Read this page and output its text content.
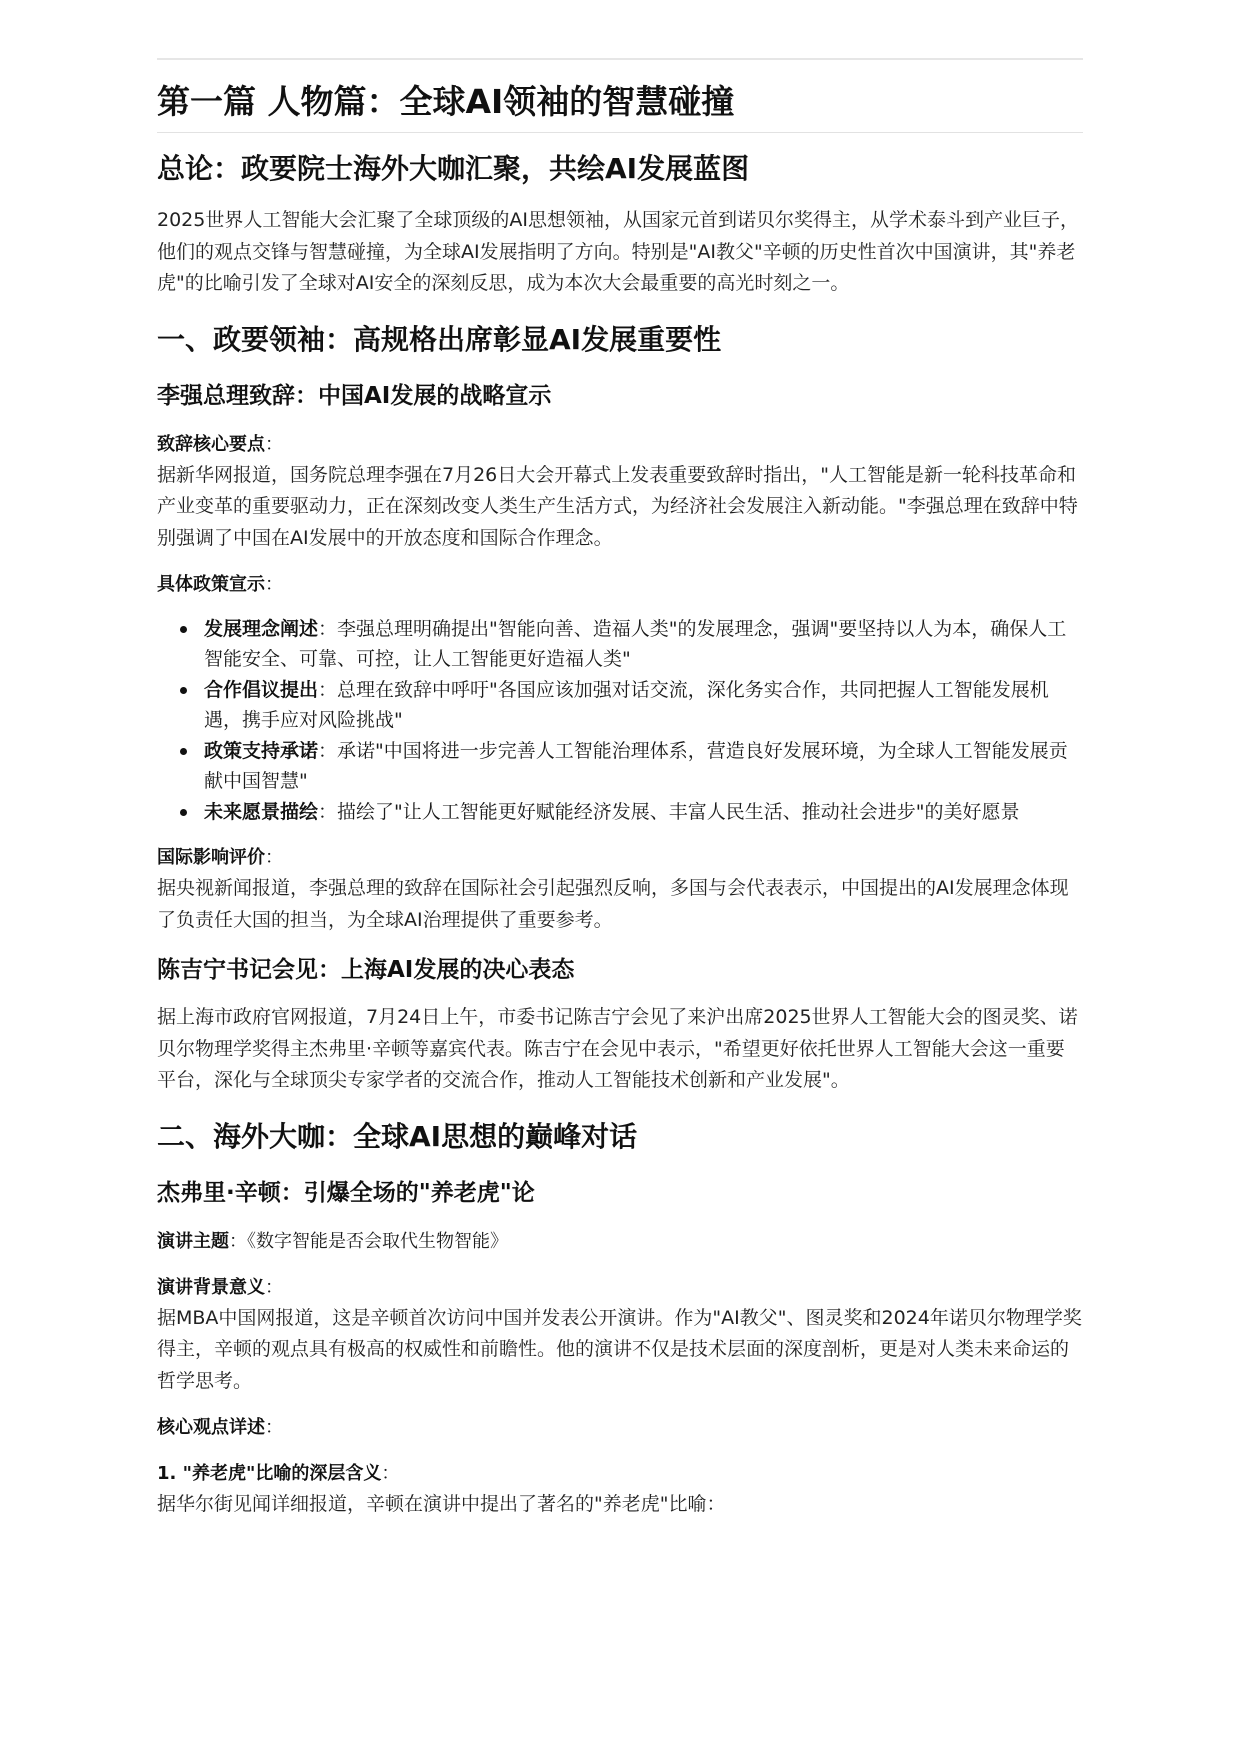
第一篇 人物篇：全球AI领袖的智慧碰撞
总论：政要院士海外大咖汇聚，共绘AI发展蓝图

2025世界人工智能大会汇聚了全球顶级的AI思想领袖，从国家元首到诺贝尔奖得主，从学术泰斗到产业巨子，他们的观点交锋与智慧碰撞，为全球AI发展指明了方向。特别是"AI教父"辛顿的历史性首次中国演讲，其"养老虎"的比喻引发了全球对AI安全的深刻反思，成为本次大会最重要的高光时刻之一。

一、政要领袖：高规格出席彰显AI发展重要性
李强总理致辞：中国AI发展的战略宣示
致辞核心要点：

据新华网报道，国务院总理李强在7月26日大会开幕式上发表重要致辞时指出，"人工智能是新一轮科技革命和产业变革的重要驱动力，正在深刻改变人类生产生活方式，为经济社会发展注入新动能。"李强总理在致辞中特别强调了中国在AI发展中的开放态度和国际合作理念。

具体政策宣示：
发展理念阐述：李强总理明确提出"智能向善、造福人类"的发展理念，强调"要坚持以人为本，确保人工智能安全、可靠、可控，让人工智能更好造福人类"
合作倡议提出：总理在致辞中呼吁"各国应该加强对话交流，深化务实合作，共同把握人工智能发展机遇，携手应对风险挑战"
政策支持承诺：承诺"中国将进一步完善人工智能治理体系，营造良好发展环境，为全球人工智能发展贡献中国智慧"
未来愿景描绘：描绘了"让人工智能更好赋能经济发展、丰富人民生活、推动社会进步"的美好愿景
国际影响评价：

据央视新闻报道，李强总理的致辞在国际社会引起强烈反响，多国与会代表表示，中国提出的AI发展理念体现了负责任大国的担当，为全球AI治理提供了重要参考。

陈吉宁书记会见：上海AI发展的决心表态

据上海市政府官网报道，7月24日上午，市委书记陈吉宁会见了来沪出席2025世界人工智能大会的图灵奖、诺贝尔物理学奖得主杰弗里·辛顿等嘉宾代表。陈吉宁在会见中表示，"希望更好依托世界人工智能大会这一重要平台，深化与全球顶尖专家学者的交流合作，推动人工智能技术创新和产业发展"。

二、海外大咖：全球AI思想的巅峰对话
杰弗里·辛顿：引爆全场的"养老虎"论
演讲主题：《数字智能是否会取代生物智能》
演讲背景意义：

据MBA中国网报道，这是辛顿首次访问中国并发表公开演讲。作为"AI教父"、图灵奖和2024年诺贝尔物理学奖得主，辛顿的观点具有极高的权威性和前瞻性。他的演讲不仅是技术层面的深度剖析，更是对人类未来命运的哲学思考。

核心观点详述：
1. "养老虎"比喻的深层含义：

据华尔街见闻详细报道，辛顿在演讲中提出了著名的"养老虎"比喻：
